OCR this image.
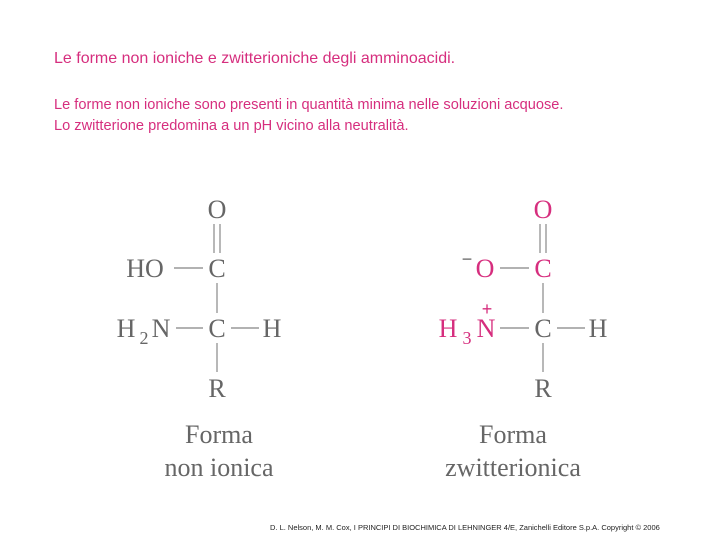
Le forme non ioniche e zwitterioniche degli amminoacidi.
Le forme non ioniche sono presenti in quantità minima nelle soluzioni acquose.
Lo zwitterione predomina a un pH vicino alla neutralità.
O
HO C
H 2 N C H
R
Forma
non ionica
O
− O C
H 3 N
+
C H
R
Forma
zwitterionica
D. L. Nelson, M. M. Cox, I PRINCIPI DI BIOCHIMICA DI LEHNINGER 4/E, Zanichelli Editore S.p.A. Copyright © 2006
